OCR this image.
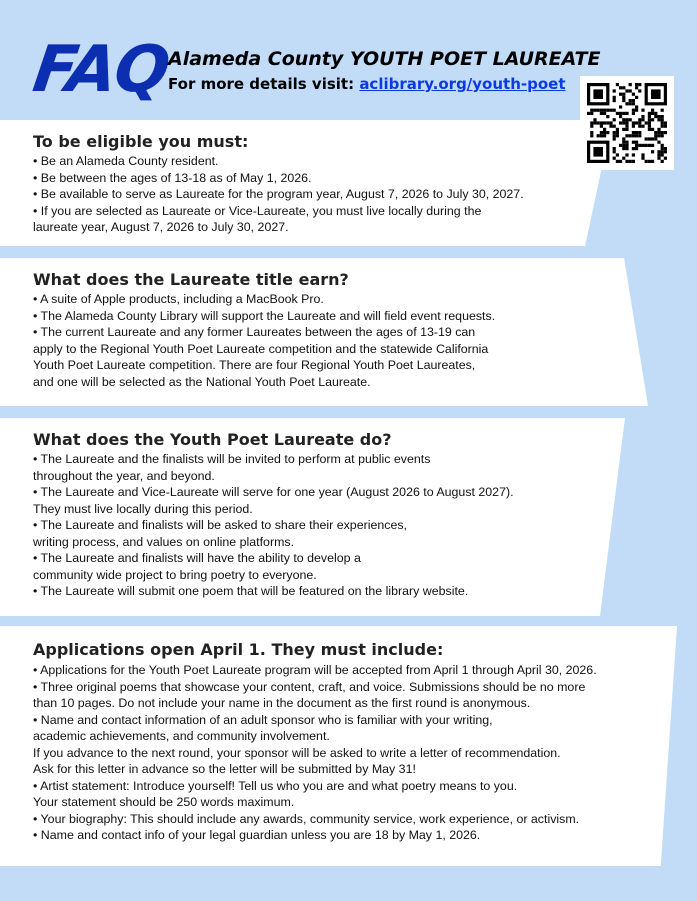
FAQ
Alameda County YOUTH POET LAUREATE
For more details visit: aclibrary.org/youth-poet
To be eligible you must:
• Be an Alameda County resident.
• Be between the ages of 13-18 as of May 1, 2026.
• Be available to serve as Laureate for the program year, August 7, 2026 to July 30, 2027.
• If you are selected as Laureate or Vice-Laureate, you must live locally during the
laureate year, August 7, 2026 to July 30, 2027.
What does the Laureate title earn?
• A suite of Apple products, including a MacBook Pro.
• The Alameda County Library will support the Laureate and will field event requests.
• The current Laureate and any former Laureates between the ages of 13-19 can
apply to the Regional Youth Poet Laureate competition and the statewide California
Youth Poet Laureate competition. There are four Regional Youth Poet Laureates,
and one will be selected as the National Youth Poet Laureate.
What does the Youth Poet Laureate do?
• The Laureate and the finalists will be invited to perform at public events
throughout the year, and beyond.
• The Laureate and Vice-Laureate will serve for one year (August 2026 to August 2027).
They must live locally during this period.
• The Laureate and finalists will be asked to share their experiences,
writing process, and values on online platforms.
• The Laureate and finalists will have the ability to develop a
community wide project to bring poetry to everyone.
• The Laureate will submit one poem that will be featured on the library website.
Applications open April 1. They must include:
• Applications for the Youth Poet Laureate program will be accepted from April 1 through April 30, 2026.
• Three original poems that showcase your content, craft, and voice. Submissions should be no more
than 10 pages. Do not include your name in the document as the first round is anonymous.
• Name and contact information of an adult sponsor who is familiar with your writing,
academic achievements, and community involvement.
If you advance to the next round, your sponsor will be asked to write a letter of recommendation.
Ask for this letter in advance so the letter will be submitted by May 31!
• Artist statement: Introduce yourself! Tell us who you are and what poetry means to you.
Your statement should be 250 words maximum.
• Your biography: This should include any awards, community service, work experience, or activism.
• Name and contact info of your legal guardian unless you are 18 by May 1, 2026.
